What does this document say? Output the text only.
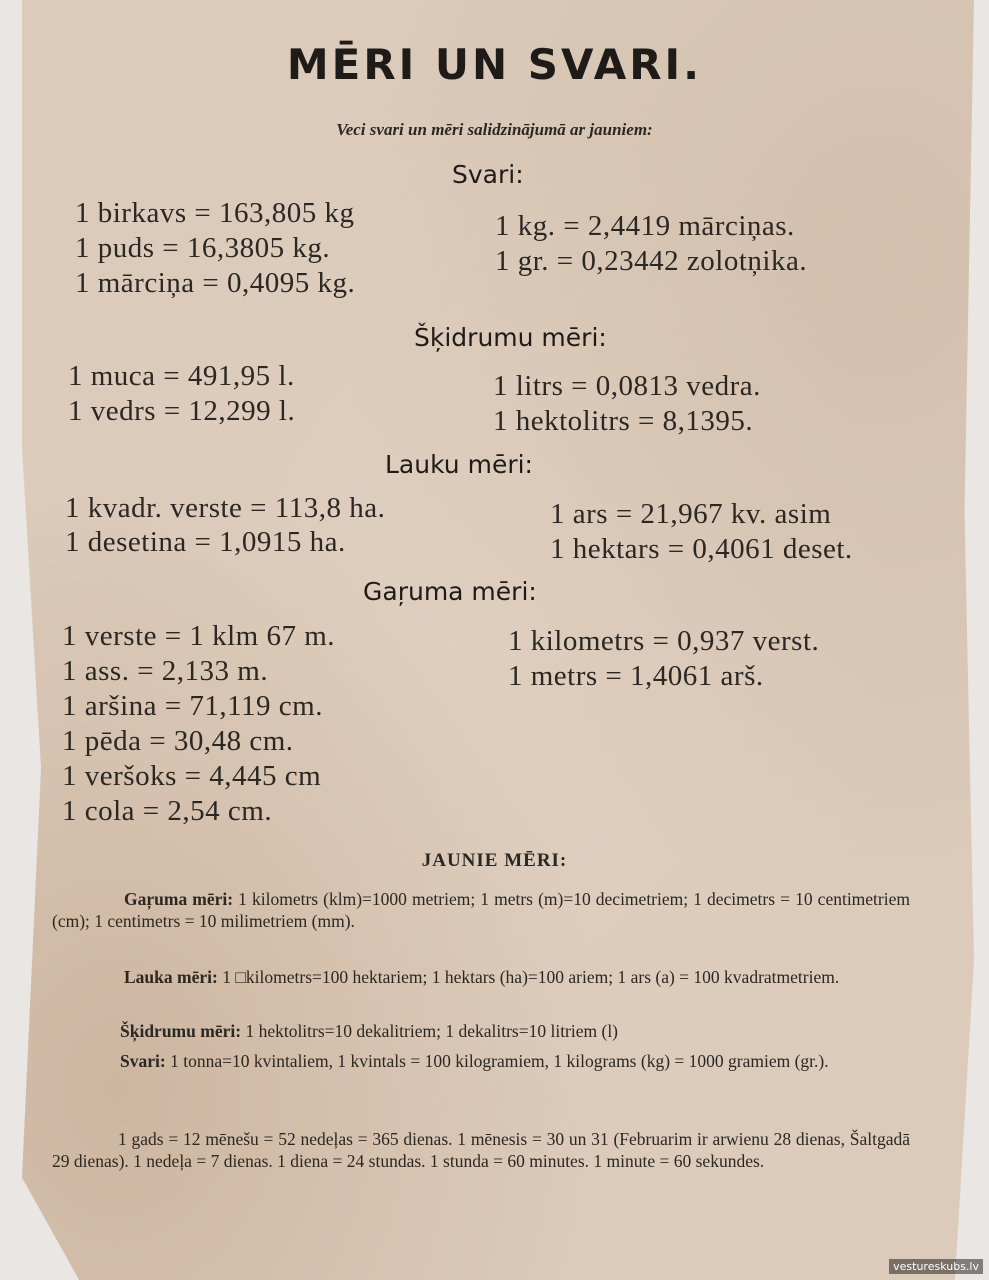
MĒRI UN SVARI.
Veci svari un mēri salidzinājumā ar jauniem:
Svari:
1 birkavs = 163,805 kg
1 puds = 16,3805 kg.
1 mārciņa = 0,4095 kg.
1 kg. = 2,4419 mārciņas.
1 gr. = 0,23442 zolotņika.
Šķidrumu mēri:
1 muca = 491,95 l.
1 vedrs = 12,299 l.
1 litrs = 0,0813 vedra.
1 hektolitrs = 8,1395.
Lauku mēri:
1 kvadr. verste = 113,8 ha.
1 desetina = 1,0915 ha.
1 ars = 21,967 kv. asim
1 hektars = 0,4061 deset.
Gaŗuma mēri:
1 verste = 1 klm 67 m.
1 ass. = 2,133 m.
1 aršina = 71,119 cm.
1 pēda = 30,48 cm.
1 veršoks = 4,445 cm
1 cola = 2,54 cm.
1 kilometrs = 0,937 verst.
1 metrs = 1,4061 arš.
JAUNIE MĒRI:
Gaŗuma mēri: 1 kilometrs (klm)=1000 metriem; 1 metrs (m)=10 decimetriem; 1 decimetrs = 10 centimetriem (cm); 1 centimetrs = 10 milimetriem (mm).
Lauka mēri: 1 □kilometrs=100 hektariem; 1 hektars (ha)=100 ariem; 1 ars (a) = 100 kvadratmetriem.
Šķidrumu mēri: 1 hektolitrs=10 dekalitriem; 1 dekalitrs=10 litriem (l)
Svari: 1 tonna=10 kvintaliem, 1 kvintals = 100 kilogramiem, 1 kilograms (kg) = 1000 gramiem (gr.).
1 gads = 12 mēnešu = 52 nedeļas = 365 dienas. 1 mēnesis = 30 un 31 (Februarim ir arwienu 28 dienas, Šaltgadā 29 dienas). 1 nedeļa = 7 dienas. 1 diena = 24 stundas. 1 stunda = 60 minutes. 1 minute = 60 sekundes.
vestureskubs.lv
